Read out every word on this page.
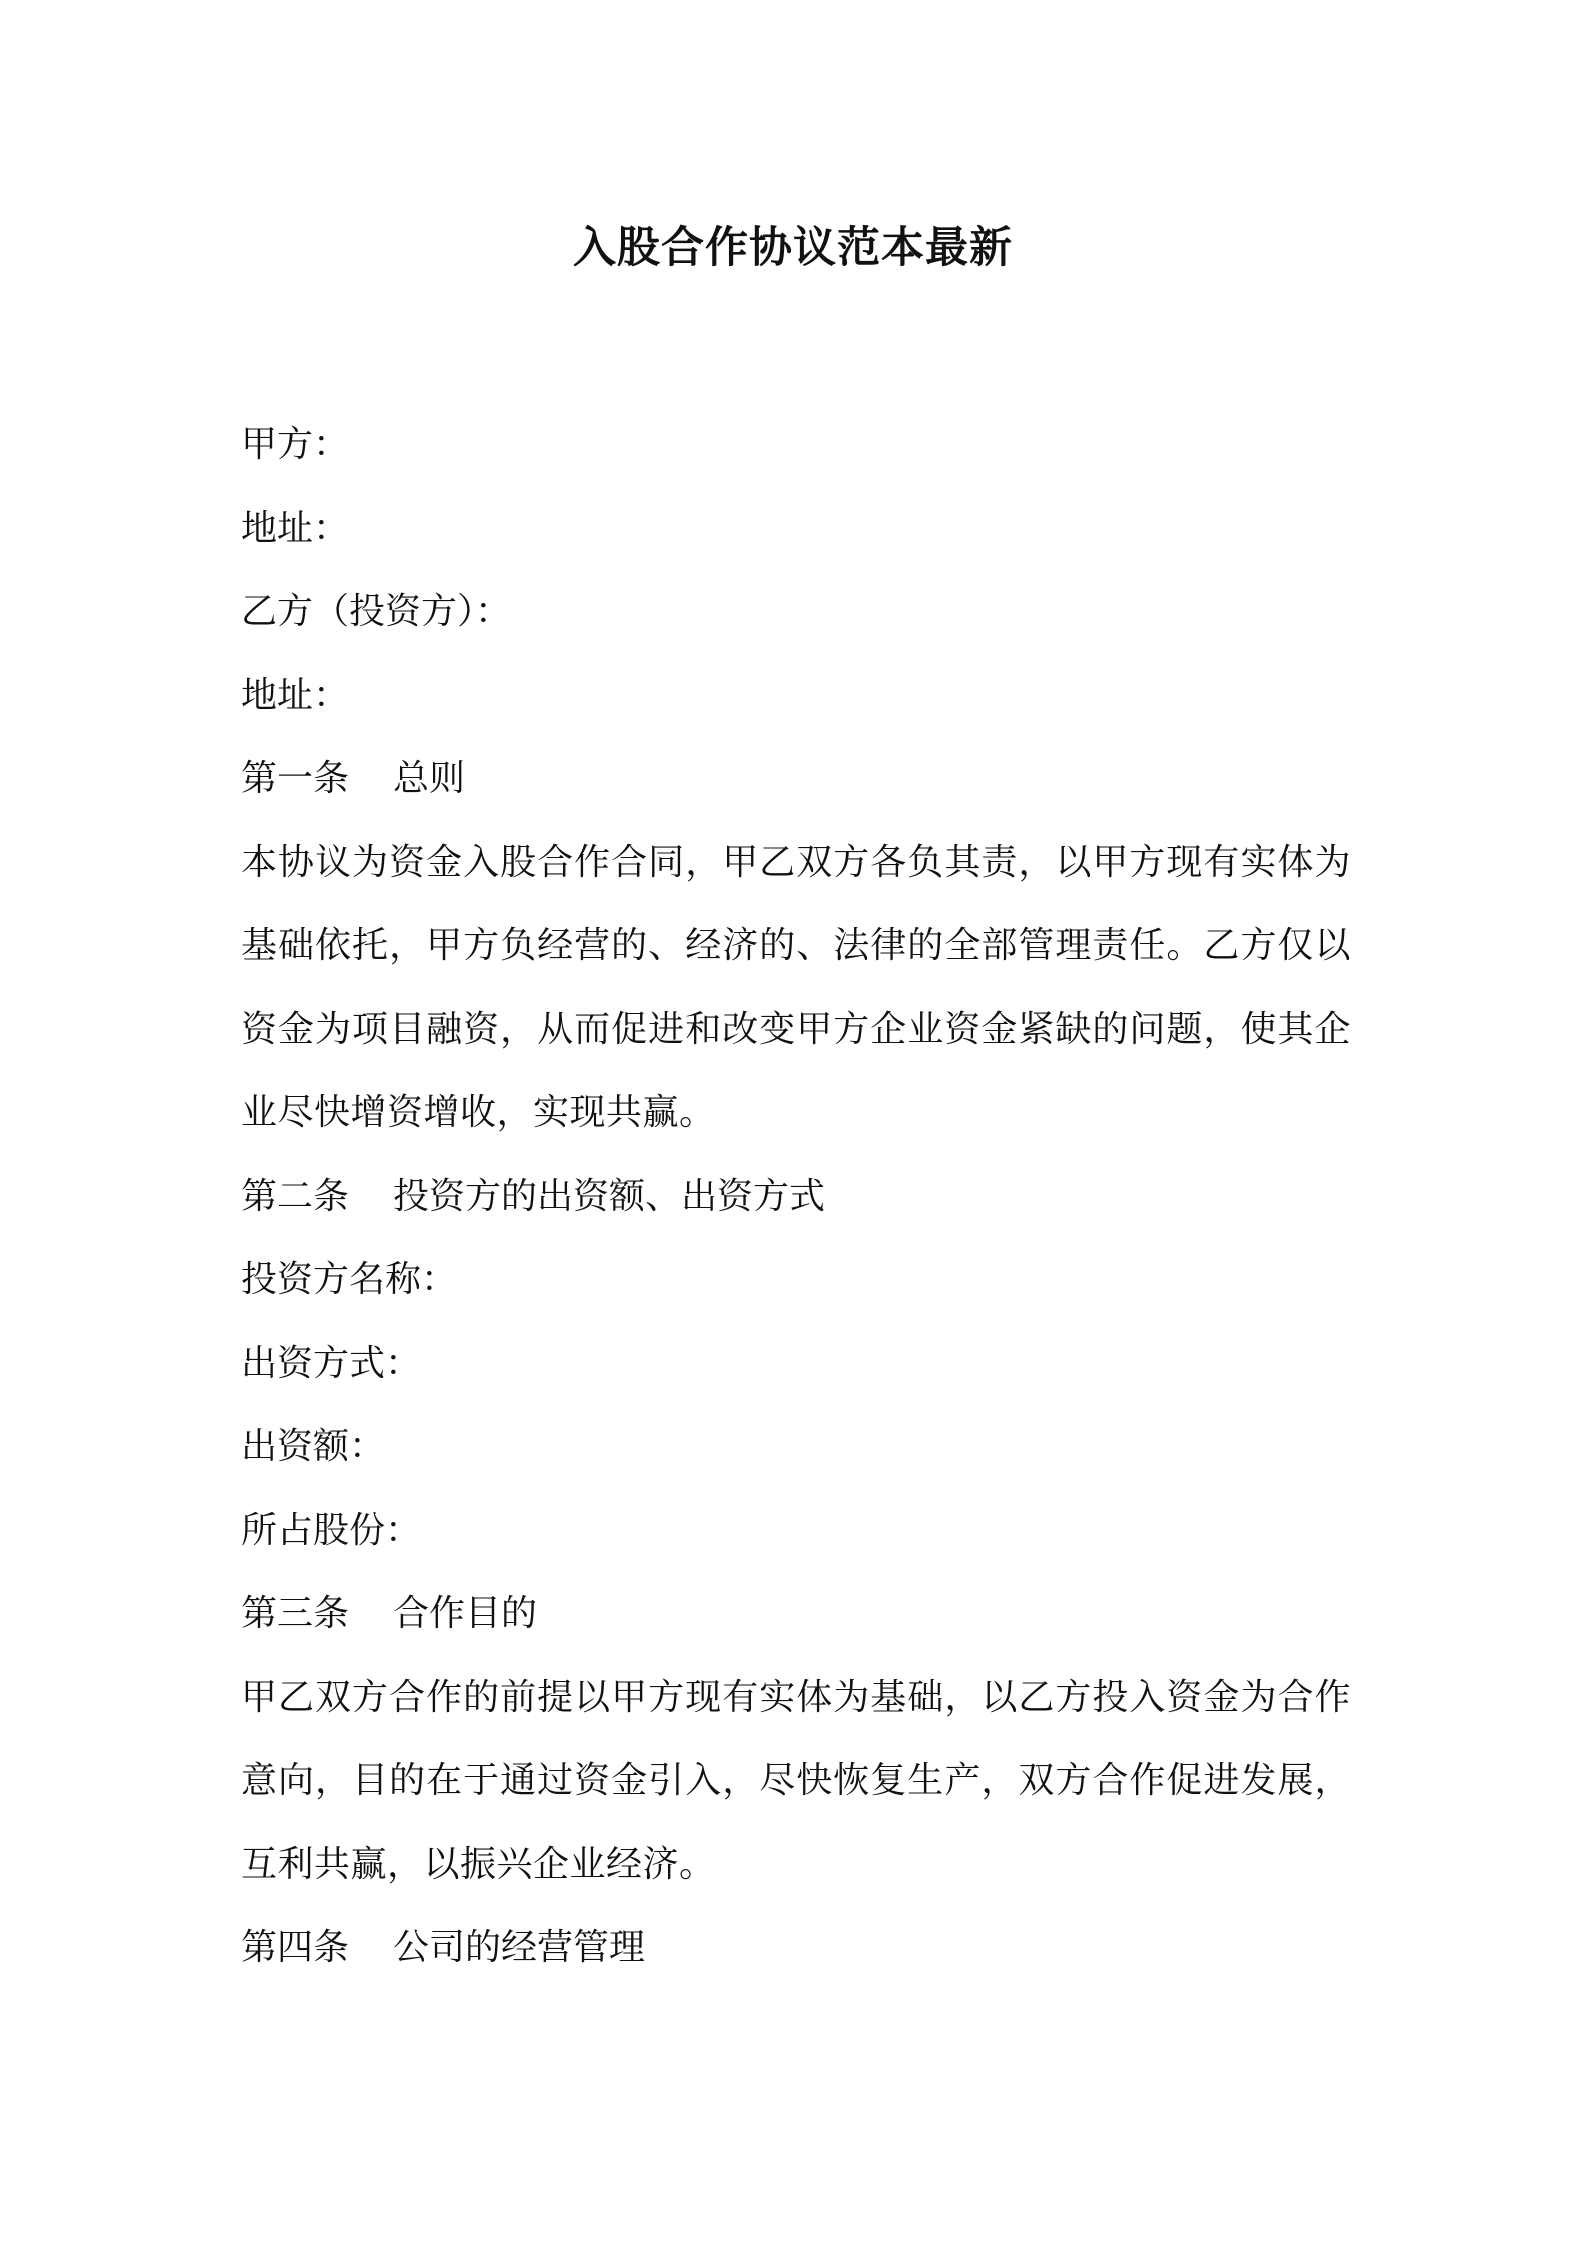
入股合作协议范本最新
甲方：
地址：
乙方（投资方）：
地址：
第一条 总则
本协议为资金入股合作合同，甲乙双方各负其责，以甲方现有实体为基础依托，甲方负经营的、经济的、法律的全部管理责任。乙方仅以资金为项目融资，从而促进和改变甲方企业资金紧缺的问题，使其企业尽快增资增收，实现共赢。
第二条 投资方的出资额、出资方式
投资方名称：
出资方式：
出资额：
所占股份：
第三条 合作目的
甲乙双方合作的前提以甲方现有实体为基础，以乙方投入资金为合作意向，目的在于通过资金引入，尽快恢复生产，双方合作促进发展，互利共赢，以振兴企业经济。
第四条 公司的经营管理
